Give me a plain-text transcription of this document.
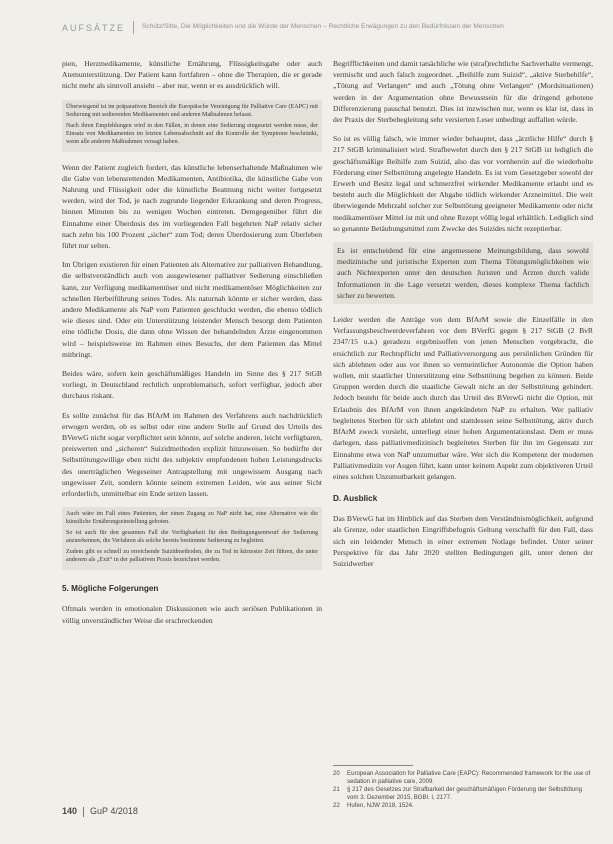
AUFSÄTZE	Schütz/Sitte, Die Möglichkeiten und die Würde der Menschen – Rechtliche Erwägungen zu den Bedürfnissen der Menschen

pien, Herzmedikamente, künstliche Ernährung, Flüssigkeitsgabe oder auch Atemunterstützung. Der Patient kann fortfahren – ohne die Therapien, die er gerade nicht mehr als sinnvoll ansieht – aber nur, wenn er es ausdrücklich will.

Überwiegend ist im präparativen Bereich die Europäische Vereinigung für Palliative Care (EAPC) mit Sedierung mit sedierenden Medikamenten und anderen Maßnahmen befasst.

Nach ihren Empfehlungen wird in den Fällen, in denen eine Sedierung eingesetzt werden muss, der Einsatz von Medikamenten im letzten Lebensabschnitt auf die Kontrolle der Symptome beschränkt, wenn alle anderen Maßnahmen versagt haben.

Wenn der Patient zugleich fordert, das künstliche lebenserhaltende Maßnahmen wie die Gabe von lebensrettenden Medikamenten, Antibiotika, die künstliche Gabe von Nahrung und Flüssigkeit oder die künstliche Beatmung nicht weiter fortgesetzt werden, wird der Tod, je nach zugrunde liegender Erkrankung und deren Progress, binnen Minuten bis zu wenigen Wochen eintreten. Demgegenüber führt die Einnahme einer Überdosis des im vorliegenden Fall begehrten NaP relativ sicher nach zehn bis 100 Prozent „sicher“ zum Tod; deren Überdosierung zum Überleben führt nur selten.

Im Übrigen existieren für einen Patienten als Alternative zur palliativen Behandlung, die selbstverständlich auch von ausgewiesener palliativer Sedierung einschließen kann, zur Verfügung medikamentöser und nicht medikamentöser Möglichkeiten zur schnellen Herbeiführung seines Todes. Als naturnah könnte er sicher werden, dass andere Medikamente als NaP vom Patienten geschluckt werden, die ebenso tödlich wie dieses sind. Oder ein Unterstützung leistender Mensch besorgt dem Patienten eine tödliche Dosis, die dann ohne Wissen der behandelnden Ärzte eingenommen wird – beispielsweise im Rahmen eines Besuchs, der dem Patienten das Mittel mitbringt.

Beides wäre, sofern kein geschäftsmäßiges Handeln im Sinne des § 217 StGB vorliegt, in Deutschland rechtlich unproblematisch, sofort verfügbar, jedoch aber durchaus riskant.

Es sollte zunächst für das BfArM im Rahmen des Verfahrens auch nachdrücklich erwogen werden, ob es selbst oder eine andere Stelle auf Grund des Urteils des BVerwG nicht sogar verpflichtet sein könnte, auf solche anderen, leicht verfügbaren, preiswerten und „sicheren“ Suizidmethoden explizit hinzuweisen. So bedürfte der Selbsttötungswillige eben nicht des subjektiv empfundenen hohen Leistungsdrucks des unerträglichen Wegeseiner Antragstellung mit ungewissem Ausgang nach ungewisser Zeit, sondern könnte seinem extremen Leiden, wie aus seiner Sicht erforderlich, unmittelbar ein Ende setzen lassen.

Auch wäre im Fall eines Patienten, der einen Zugang zu NaP nicht hat, eine Alternative wie die künstliche Ernährungseinstellung geboten.

So ist auch für den gesamten Fall die Verfügbarkeit für den Bedingungsentwurf der Sedierung anzuerkennen, die Verfahren als solche bereits bestimmte Sedierung zu begleiten.

Zudem gibt es schnell zu erreichende Suizidmethoden, die zu Tod in kürzester Zeit führen, die unter anderem als „Exit“ in der palliativen Praxis bezeichnet werden.

5. Mögliche Folgerungen

Oftmals werden in emotionalen Diskussionen wie auch seriösen Publikationen in völlig unverständlicher Weise die erschreckenden

Begrifflichkeiten und damit tatsächliche wie (straf)rechtliche Sachverhalte vermengt, vermischt und auch falsch zugeordnet. „Beihilfe zum Suizid“, „aktive Sterbehilfe“, „Tötung auf Verlangen“ und auch „Tötung ohne Verlangen“ (Mordsituationen) werden in der Argumentation ohne Bewusstsein für die dringend gebotene Differenzierung pauschal benutzt. Dies ist inzwischen nur, wenn es klar ist, dass in der Praxis der Sterbebegleitung sehr versierten Leser unbedingt auffallen würde.

So ist es völlig falsch, wie immer wieder behauptet, dass „ärztliche Hilfe“ durch § 217 StGB kriminalisiert wird. Strafbewehrt durch den § 217 StGB ist lediglich die geschäftsmäßige Beihilfe zum Suizid, also das vor vornherein auf die wiederholte Förderung einer Selbsttötung angelegte Handeln. Es ist vom Gesetzgeber sowohl der Erwerb und Besitz legal und schmerzfrei wirkender Medikamente erlaubt und es besteht auch die Möglichkeit der Abgabe tödlich wirkender Arzneimittel. Die weit überwiegende Mehrzahl solcher zur Selbsttötung geeigneter Medikamente oder nicht medikamentöser Mittel ist mit und ohne Rezept völlig legal erhältlich. Lediglich sind so genannte Betäubungsmittel zum Zwecke des Suizides nicht rezeptierbar.

Es ist entscheidend für eine angemessene Meinungsbildung, dass sowohl medizinische und juristische Experten zum Thema Tötungsmöglichkeiten wie auch Nichtexperten unter den deutschen Juristen und Ärzten durch valide Informationen in die Lage versetzt werden, dieses komplexe Thema fachlich sicher zu bewerten.

Leider werden die Anträge von dem BfArM sowie die Einzelfälle in den Verfassungsbeschwerdeverfahren vor dem BVerfG gegen § 217 StGB (2 BvR 2347/15 u.a.) geradezu ergebnisoffen von jenen Menschen vorgebracht, die ersichtlich zur Rechtspflicht und Palliativversorgung aus persönlichen Gründen für sich ablehnen oder aus vor ihnen so vermeintlicher Autonomie die Option haben wollen, mit staatlicher Unterstützung eine Selbsttötung begehen zu können. Beide Gruppen werden durch die staatliche Gewalt nicht an der Selbsttötung gehindert. Jedoch besteht für beide auch durch das Urteil des BVerwG nicht die Option, mit Erlaubnis des BfArM von ihnen angekündeten NaP zu erhalten. Wer palliativ begleitetes Sterben für sich ablehnt und stattdessen seine Selbsttötung, aktiv durch BfArM zweck vorsieht, unterliegt einer hohen Argumentationslast. Dem er muss darlegen, dass palliativmedizinisch begleitetes Sterben für ihn im Gegensatz zur Einnahme etwa von NaP unzumutbar wäre. Wer sich die Kompetenz der modernen Palliativmedizin vor Augen führt, kann unter keinem Aspekt zum objektiveren Urteil eines solchen Unzumutbarkeit gelangen.

D. Ausblick

Das BVerwG hat im Hinblick auf das Sterben dem Verständnismöglichkeit, aufgrund als Grenze, oder staatlichen Eingriffsbefugnis Geltung verschafft für den Fall, dass sich ein leidender Mensch in einer extremen Notlage befindet. Unter seiner Perspektive für das Jahr 2020 stellten Bedingungen gilt, unter denen der Suizidwerber

20	European Association for Palliative Care (EAPC): Recommended framework for the use of sedation in palliative care, 2009.
21	§ 217 des Gesetzes zur Strafbarkeit der geschäftsmäßigen Förderung der Selbsttötung vom 3. Dezember 2015, BGBl. I, 2177.
22	Hufen, NJW 2018, 1524.
140 GuP 4/2018
